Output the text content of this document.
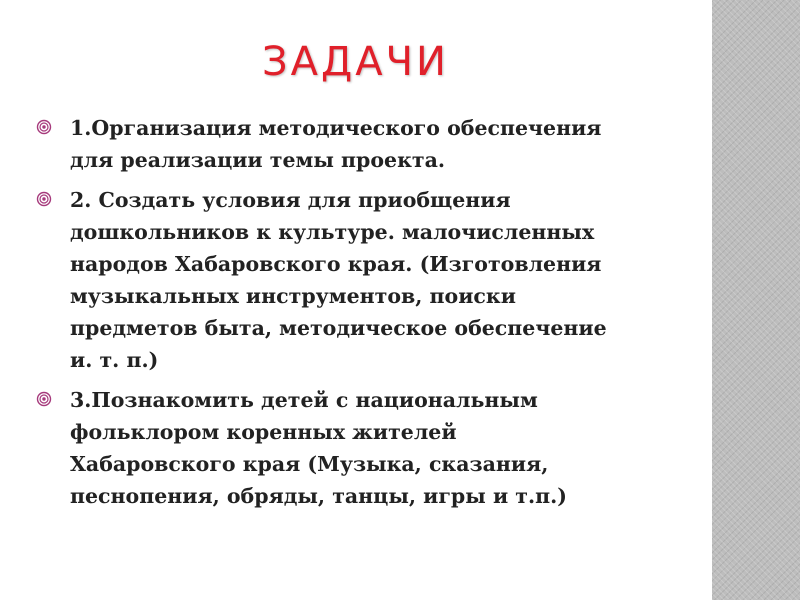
ЗАДАЧИ
1.Организация методического обеспечения
для реализации темы проекта.
2. Создать условия для приобщения
дошкольников к культуре. малочисленных
народов Хабаровского края. (Изготовления
музыкальных инструментов, поиски
предметов быта, методическое обеспечение
и. т. п.)
3.Познакомить детей с национальным
фольклором коренных жителей
Хабаровского края (Музыка, сказания,
песнопения, обряды, танцы, игры и т.п.)
